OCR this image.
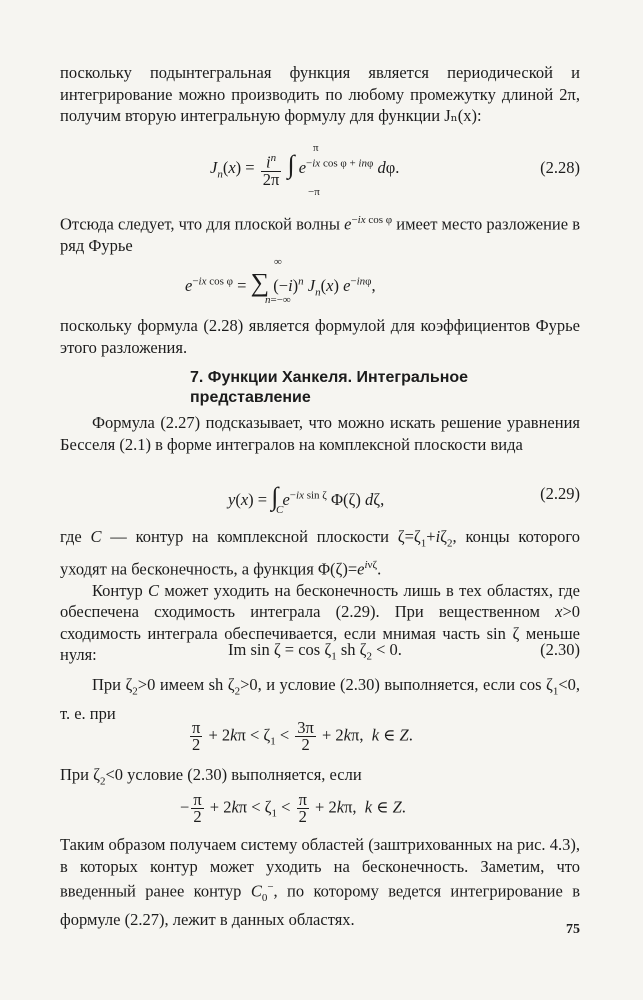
поскольку подынтегральная функция является периодической и интегрирование можно производить по любому промежутку длиной 2π, получим вторую интегральную формулу для функции Jₙ(x):

$J_n(x) = \frac{i^n}{2\pi}$ ∫ $e^{-ix cos \varphi + in\varphi}$ dφ.
π
−π
(2.28)

Отсюда следует, что для плоской волны $e^{-ix cos \varphi}$ имеет место разложение в ряд Фурье

$e^{-ix cos \varphi}$ = ∑ $(-i)^n$ $J_n(x)$ $e^{-in\varphi}$,
∞
n=−∞

поскольку формула (2.28) является формулой для коэффициентов Фурье этого разложения.

7. Функции Ханкеля. Интегральное
представление

Формула (2.27) подсказывает, что можно искать решение уравнения Бесселя (2.1) в форме интегралов на комплексной плоскости вида

y(x) = ∫ $e^{-ix sin \zeta}$ Φ(ζ) dζ,
C
(2.29)

где C — контур на комплексной плоскости $\zeta=\zeta_1+i\zeta_2$, концы которого уходят на бесконечность, а функция $\Phi(\zeta)=e^{i\nu\zeta}$.

Контур C может уходить на бесконечность лишь в тех областях, где обеспечена сходимость интеграла (2.29). При вещественном x>0 сходимость интеграла обеспечивается, если мнимая часть sin ζ меньше нуля:	Im $\sin \zeta = \cos \zeta_1$ sh $\zeta_2 < 0$.	(2.30)

При $\zeta_2>0$ имеем sh $\zeta_2>0$, и условие (2.30) выполняется, если $\cos \zeta_1<0$, т. е. при

$\frac{\pi}{2} + 2k\pi < \zeta_1 < \frac{3\pi}{2} + 2k\pi$,  k ∈ Z.

При $\zeta_2<0$ условие (2.30) выполняется, если

− $\frac{\pi}{2} + 2k\pi < \zeta_1 < \frac{\pi}{2} + 2k\pi$,  k ∈ Z.

Таким образом получаем систему областей (заштрихованных на рис. 4.3), в которых контур может уходить на бесконечность. Заметим, что введенный ранее контур $C_0^-$, по которому ведется интегрирование в формуле (2.27), лежит в данных областях.

75
